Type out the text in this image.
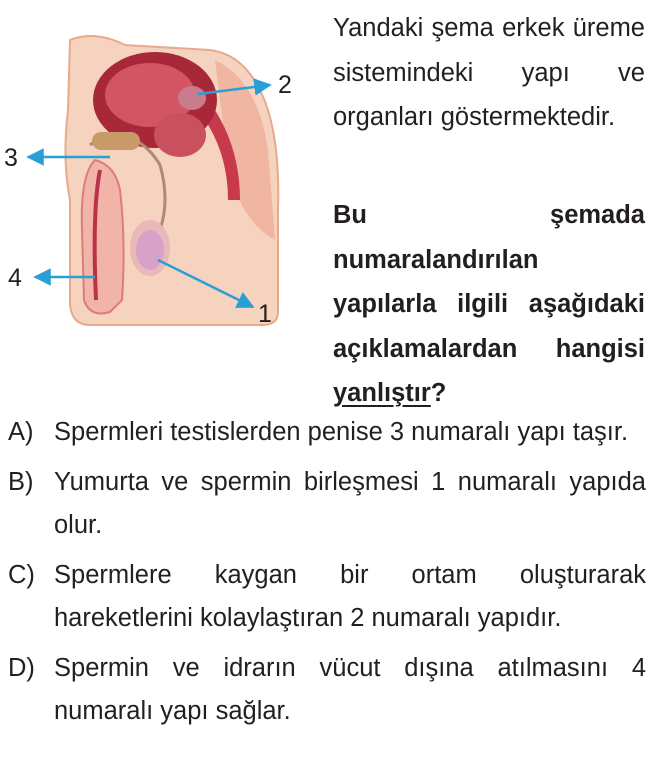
1
2
3
4
Yandaki şema erkek üreme sistemindeki yapı ve organları göstermektedir.
Bu şemada numaralandırılan yapılarla ilgili aşağıdaki açıklamalardan hangisi yanlıştır?
A) Spermleri testislerden penise 3 numaralı yapı taşır.
B) Yumurta ve spermin birleşmesi 1 numaralı yapıda olur.
C) Spermlere kaygan bir ortam oluşturarak hareketlerini kolaylaştıran 2 numaralı yapıdır.
D) Spermin ve idrarın vücut dışına atılmasını 4 numaralı yapı sağlar.
